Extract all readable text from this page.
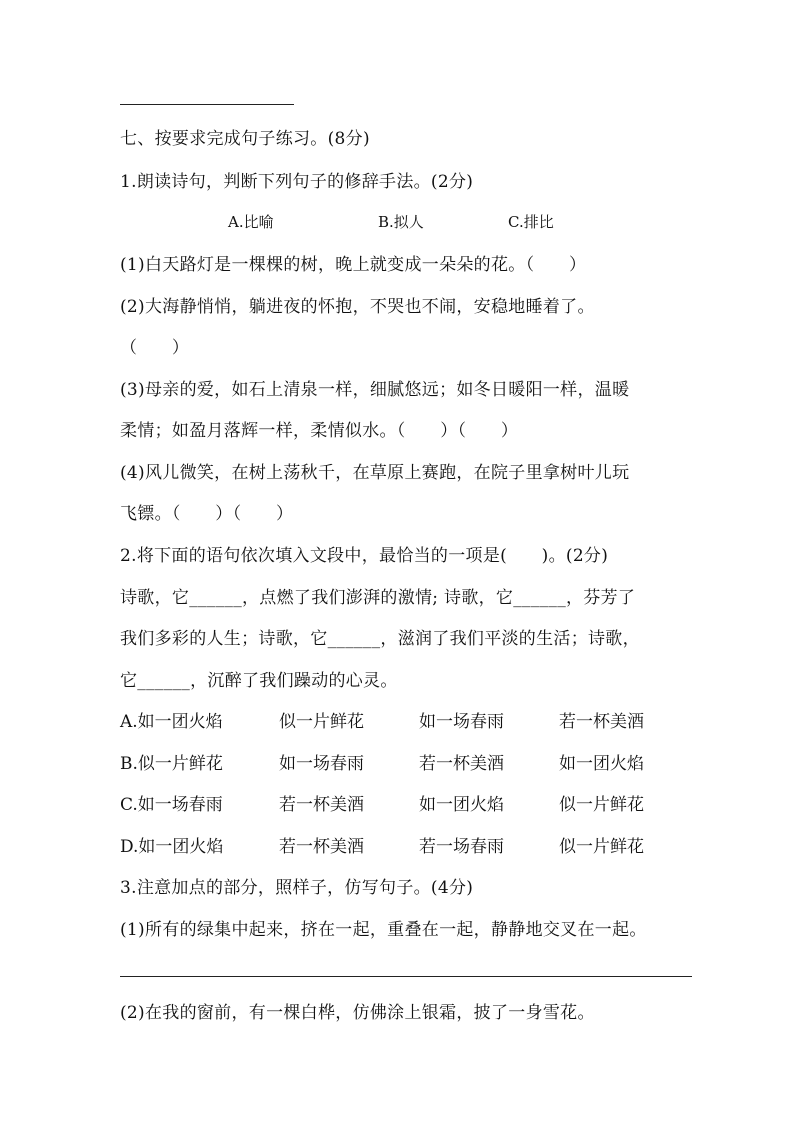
七、按要求完成句子练习。(8分)
1.朗读诗句，判断下列句子的修辞手法。(2分)
A.比喻	B.拟人	C.排比
(1)白天路灯是一棵棵的树，晚上就变成一朵朵的花。（　　）
(2)大海静悄悄，躺进夜的怀抱，不哭也不闹，安稳地睡着了。
（　　）
(3)母亲的爱，如石上清泉一样，细腻悠远；如冬日暖阳一样，温暖
柔情；如盈月落辉一样，柔情似水。（　　）（　　）
(4)风儿微笑，在树上荡秋千，在草原上赛跑，在院子里拿树叶儿玩
飞镖。（　　）（　　）
2.将下面的语句依次填入文段中，最恰当的一项是(　　)。(2分)
诗歌，它______，点燃了我们澎湃的激情; 诗歌，它______，芬芳了
我们多彩的人生；诗歌，它______，滋润了我们平淡的生活；诗歌，
它______，沉醉了我们躁动的心灵。
A.如一团火焰	似一片鲜花	如一场春雨	若一杯美酒
B.似一片鲜花	如一场春雨	若一杯美酒	如一团火焰
C.如一场春雨	若一杯美酒	如一团火焰	似一片鲜花
D.如一团火焰	若一杯美酒	若一场春雨	似一片鲜花
3.注意加点的部分，照样子，仿写句子。(4分)
(1)所有的绿集中起来，挤在一起，重叠在一起，静静地交叉在一起。
(2)在我的窗前，有一棵白桦，仿佛涂上银霜，披了一身雪花。
